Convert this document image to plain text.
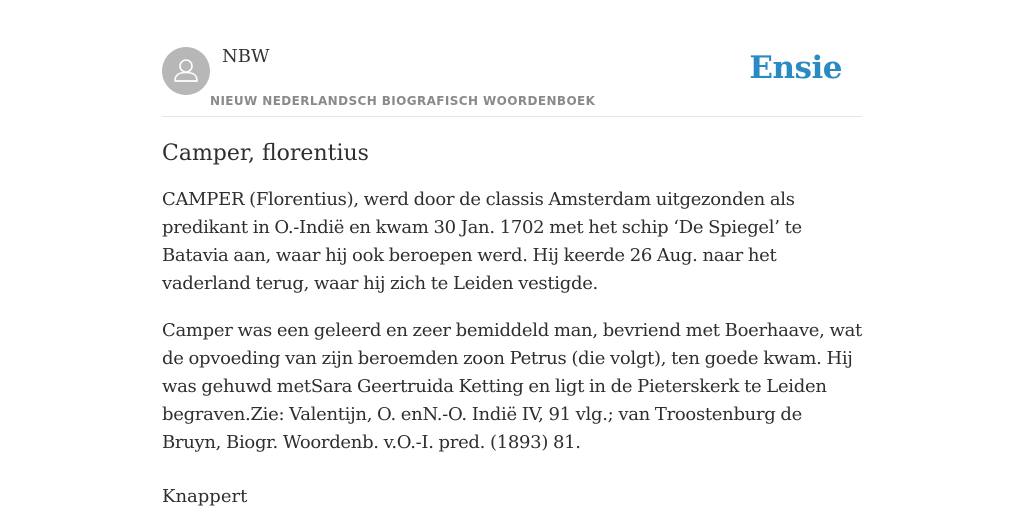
NBW
NIEUW NEDERLANDSCH BIOGRAFISCH WOORDENBOEK
Ensie
Camper, florentius

CAMPER (Florentius), werd door de classis Amsterdam uitgezonden als predikant in O.-Indië en kwam 30 Jan. 1702 met het schip ‘De Spiegel’ te Batavia aan, waar hij ook beroepen werd. Hij keerde 26 Aug. naar het vaderland terug, waar hij zich te Leiden vestigde.

Camper was een geleerd en zeer bemiddeld man, bevriend met Boerhaave, wat de opvoeding van zijn beroemden zoon Petrus (die volgt), ten goede kwam. Hij was gehuwd metSara Geertruida Ketting en ligt in de Pieterskerk te Leiden begraven.Zie: Valentijn, O. enN.-O. Indië IV, 91 vlg.; van Troostenburg de Bruyn, Biogr. Woordenb. v.O.-I. pred. (1893) 81.

Knappert
